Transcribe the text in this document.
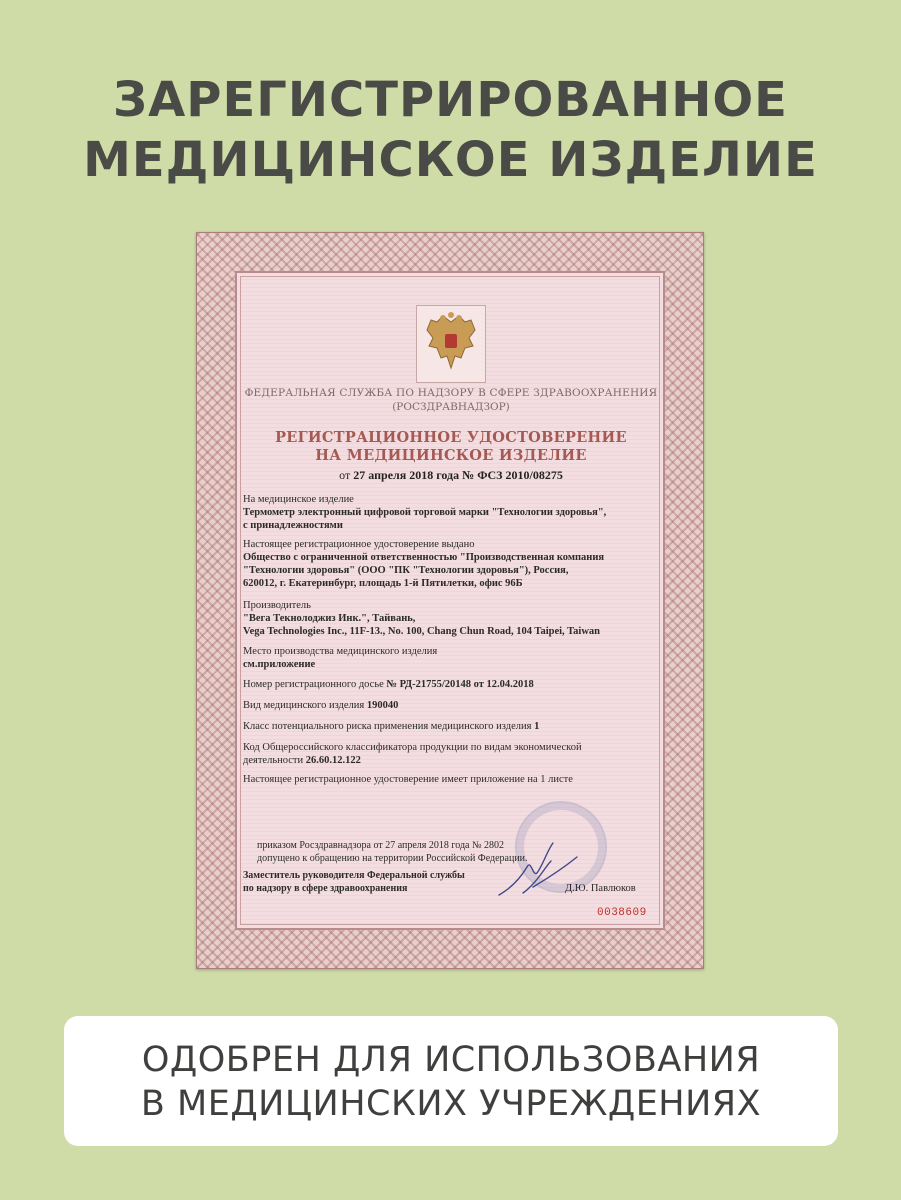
ЗАРЕГИСТРИРОВАННОЕ
МЕДИЦИНСКОЕ ИЗДЕЛИЕ
ФЕДЕРАЛЬНАЯ СЛУЖБА ПО НАДЗОРУ В СФЕРЕ ЗДРАВООХРАНЕНИЯ
(РОСЗДРАВНАДЗОР)
РЕГИСТРАЦИОННОЕ УДОСТОВЕРЕНИЕ
НА МЕДИЦИНСКОЕ ИЗДЕЛИЕ
от 27 апреля 2018 года № ФСЗ 2010/08275
На медицинское изделие
Термометр электронный цифровой торговой марки "Технологии здоровья",
с принадлежностями
Настоящее регистрационное удостоверение выдано
Общество с ограниченной ответственностью "Производственная компания
"Технологии здоровья" (ООО "ПК "Технологии здоровья"), Россия,
620012, г. Екатеринбург, площадь 1-й Пятилетки, офис 96Б
Производитель
"Вега Текнолоджиз Инк.", Тайвань,
Vega Technologies Inc., 11F-13., No. 100, Chang Chun Road, 104 Taipei, Taiwan
Место производства медицинского изделия
см.приложение
Номер регистрационного досье № РД-21755/20148 от 12.04.2018
Вид медицинского изделия 190040
Класс потенциального риска применения медицинского изделия 1
Код Общероссийского классификатора продукции по видам экономической
деятельности 26.60.12.122
Настоящее регистрационное удостоверение имеет приложение на 1 листе
приказом Росздравнадзора от 27 апреля 2018 года № 2802
допущено к обращению на территории Российской Федерации.
Заместитель руководителя Федеральной службы
по надзору в сфере здравоохранения	Д.Ю. Павлюков
0038609
ОДОБРЕН ДЛЯ ИСПОЛЬЗОВАНИЯ
В МЕДИЦИНСКИХ УЧРЕЖДЕНИЯХ
